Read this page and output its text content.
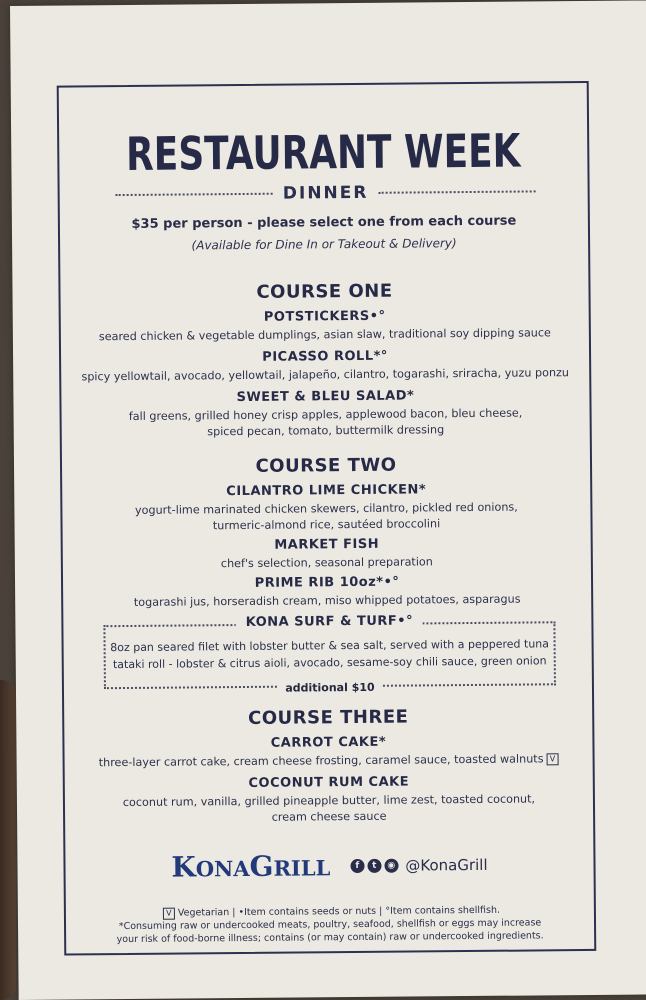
RESTAURANT WEEK
DINNER
$35 per person - please select one from each course
(Available for Dine In or Takeout & Delivery)
COURSE ONE
POTSTICKERS•°
seared chicken & vegetable dumplings, asian slaw, traditional soy dipping sauce
PICASSO ROLL*°
spicy yellowtail, avocado, yellowtail, jalapeño, cilantro, togarashi, sriracha, yuzu ponzu
SWEET & BLEU SALAD*
fall greens, grilled honey crisp apples, applewood bacon, bleu cheese,
spiced pecan, tomato, buttermilk dressing
COURSE TWO
CILANTRO LIME CHICKEN*
yogurt-lime marinated chicken skewers, cilantro, pickled red onions,
turmeric-almond rice, sautéed broccolini
MARKET FISH
chef's selection, seasonal preparation
PRIME RIB 10oz*•°
togarashi jus, horseradish cream, miso whipped potatoes, asparagus
KONA SURF & TURF•°
8oz pan seared filet with lobster butter & sea salt, served with a peppered tuna
tataki roll - lobster & citrus aioli, avocado, sesame-soy chili sauce, green onion
additional $10
COURSE THREE
CARROT CAKE*
three-layer carrot cake, cream cheese frosting, caramel sauce, toasted walnuts V
COCONUT RUM CAKE
coconut rum, vanilla, grilled pineapple butter, lime zest, toasted coconut,
cream cheese sauce
KONAGRILL	f	t	◉ @KonaGrill
V Vegetarian | •Item contains seeds or nuts | °Item contains shellfish.
*Consuming raw or undercooked meats, poultry, seafood, shellfish or eggs may increase
your risk of food-borne illness; contains (or may contain) raw or undercooked ingredients.
